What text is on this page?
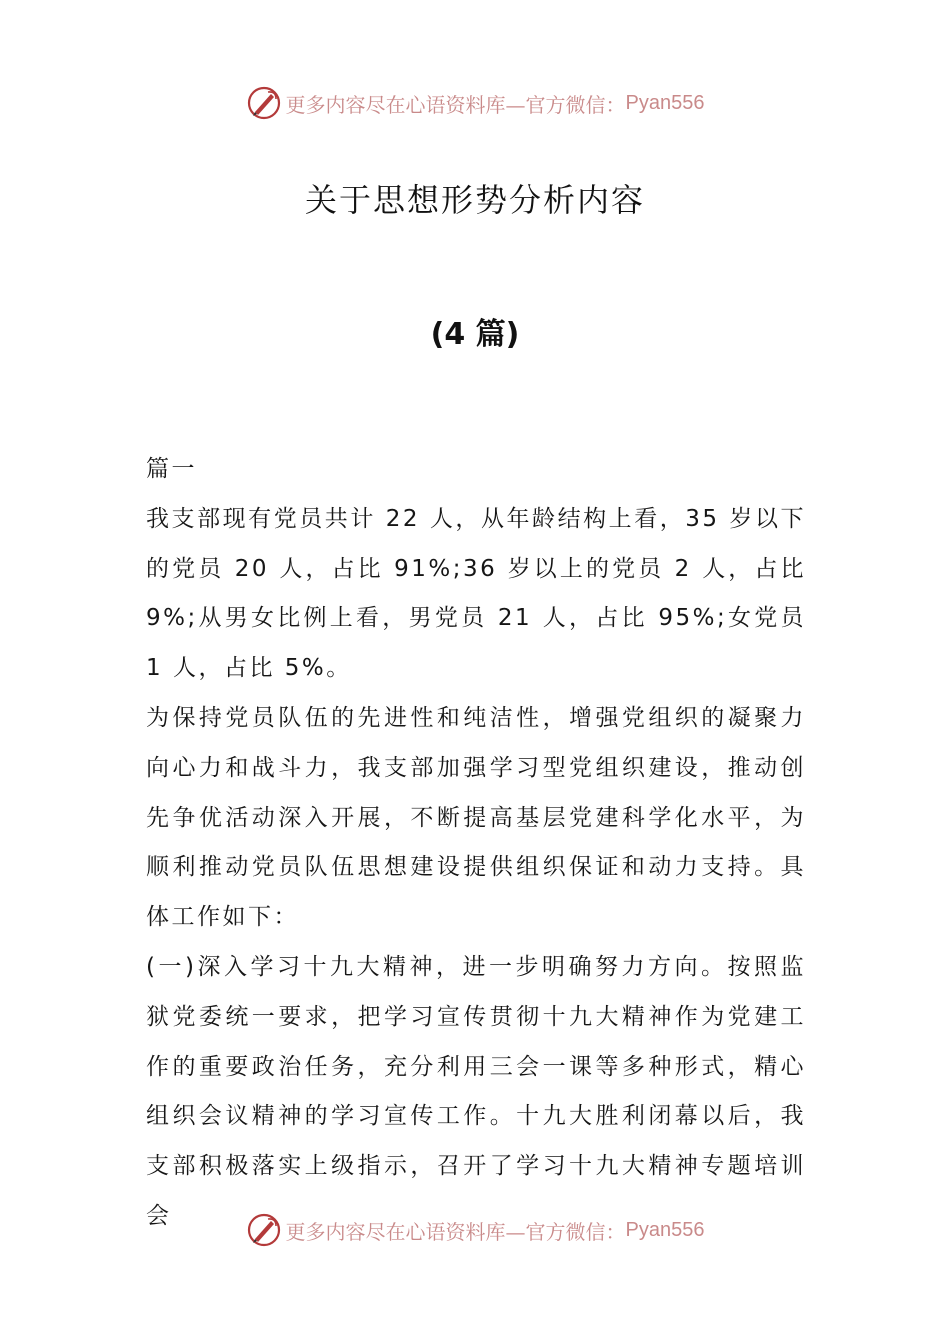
更多内容尽在心语资料库—官方微信： Pyan556
关于思想形势分析内容
(4 篇)

篇一

我支部现有党员共计 22 人，从年龄结构上看，35 岁以下的党员 20 人，占比 91%;36 岁以上的党员 2 人，占比 9%;从男女比例上看，男党员 21 人，占比 95%;女党员 1 人，占比 5%。

为保持党员队伍的先进性和纯洁性，增强党组织的凝聚力向心力和战斗力，我支部加强学习型党组织建设，推动创先争优活动深入开展，不断提高基层党建科学化水平，为顺利推动党员队伍思想建设提供组织保证和动力支持。具体工作如下：

(一)深入学习十九大精神，进一步明确努力方向。按照监狱党委统一要求，把学习宣传贯彻十九大精神作为党建工作的重要政治任务，充分利用三会一课等多种形式，精心组织会议精神的学习宣传工作。十九大胜利闭幕以后，我支部积极落实上级指示，召开了学习十九大精神专题培训会

更多内容尽在心语资料库—官方微信： Pyan556
